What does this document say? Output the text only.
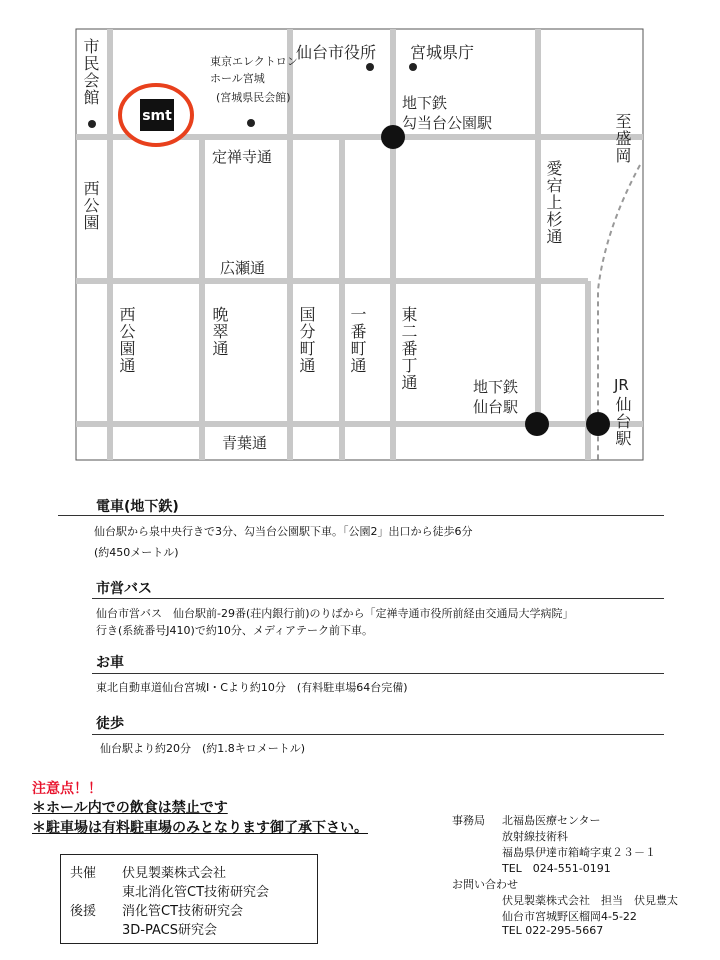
smt
市民会館
西公園
東京エレクトロン
ホール宮城
(宮城県民会館)
仙台市役所 宮城県庁
地下鉄
勾当台公園駅
定禅寺通
広瀬通
愛宕上杉通
至盛岡
西公園通	晩翠通	国分町通 一番町通 東二番丁通	地下鉄
仙台駅
JR
仙台駅
青葉通
電車(地下鉄)
仙台駅から泉中央行きで3分、勾当台公園駅下車。「公園2」出口から徒歩6分
(約450メートル)
市営バス
仙台市営バス　仙台駅前-29番(荘内銀行前)のりばから「定禅寺通市役所前経由交通局大学病院」
行き(系統番号J410)で約10分、メディアテーク前下車。
お車
東北自動車道仙台宮城I・Cより約10分　(有料駐車場64台完備)
徒歩
仙台駅より約20分　(約1.8キロメートル)
注意点！！
＊ホール内での飲食は禁止です
＊駐車場は有料駐車場のみとなります御了承下さい。
共催 伏見製薬株式会社
東北消化管CT技術研究会
後援 消化管CT技術研究会
3D-PACS研究会
事務局 北福島医療センター
放射線技術科
福島県伊達市箱崎字東２３－１
TEL　024-551-0191
お問い合わせ
伏見製薬株式会社　担当　伏見豊太
仙台市宮城野区榴岡4-5-22
TEL 022-295-5667
